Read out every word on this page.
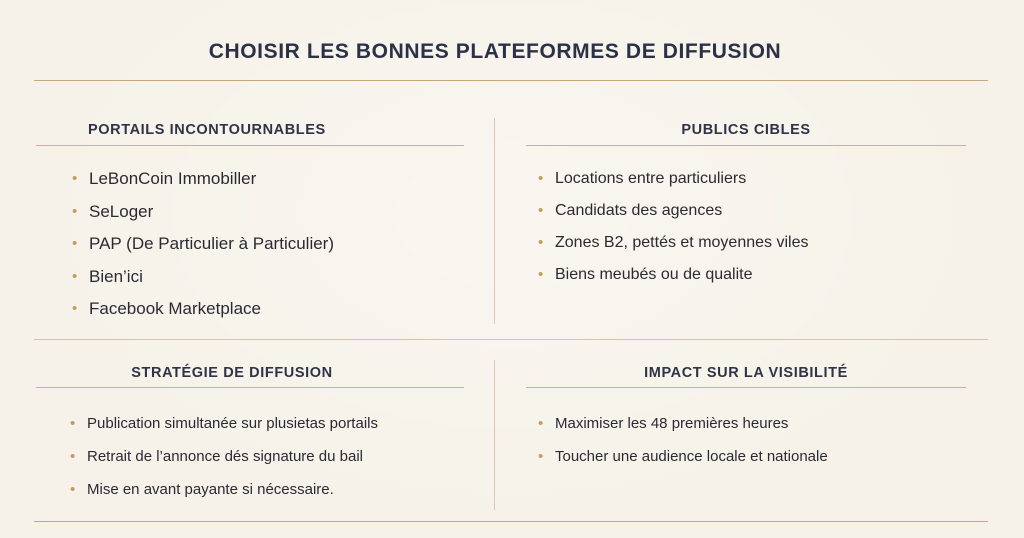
CHOISIR LES BONNES PLATEFORMES DE DIFFUSION
PORTAILS INCONTOURNABLES
• LeBonCoin Immobiller
• SeLoger
• PAP (De Particulier à Particulier)
• Bien’ici
• Facebook Marketplace
PUBLICS CIBLES
• Locations entre particuliers
• Candidats des agences
• Zones B2, pettés et moyennes viles
• Biens meubés ou de qualite
STRATÉGIE DE DIFFUSION
• Publication simultanée sur plusietas portails
• Retrait de l’annonce dés signature du bail
• Mise en avant payante si nécessaire.
IMPACT SUR LA VISIBILITÉ
• Maximiser les 48 premières heures
• Toucher une audience locale et nationale
